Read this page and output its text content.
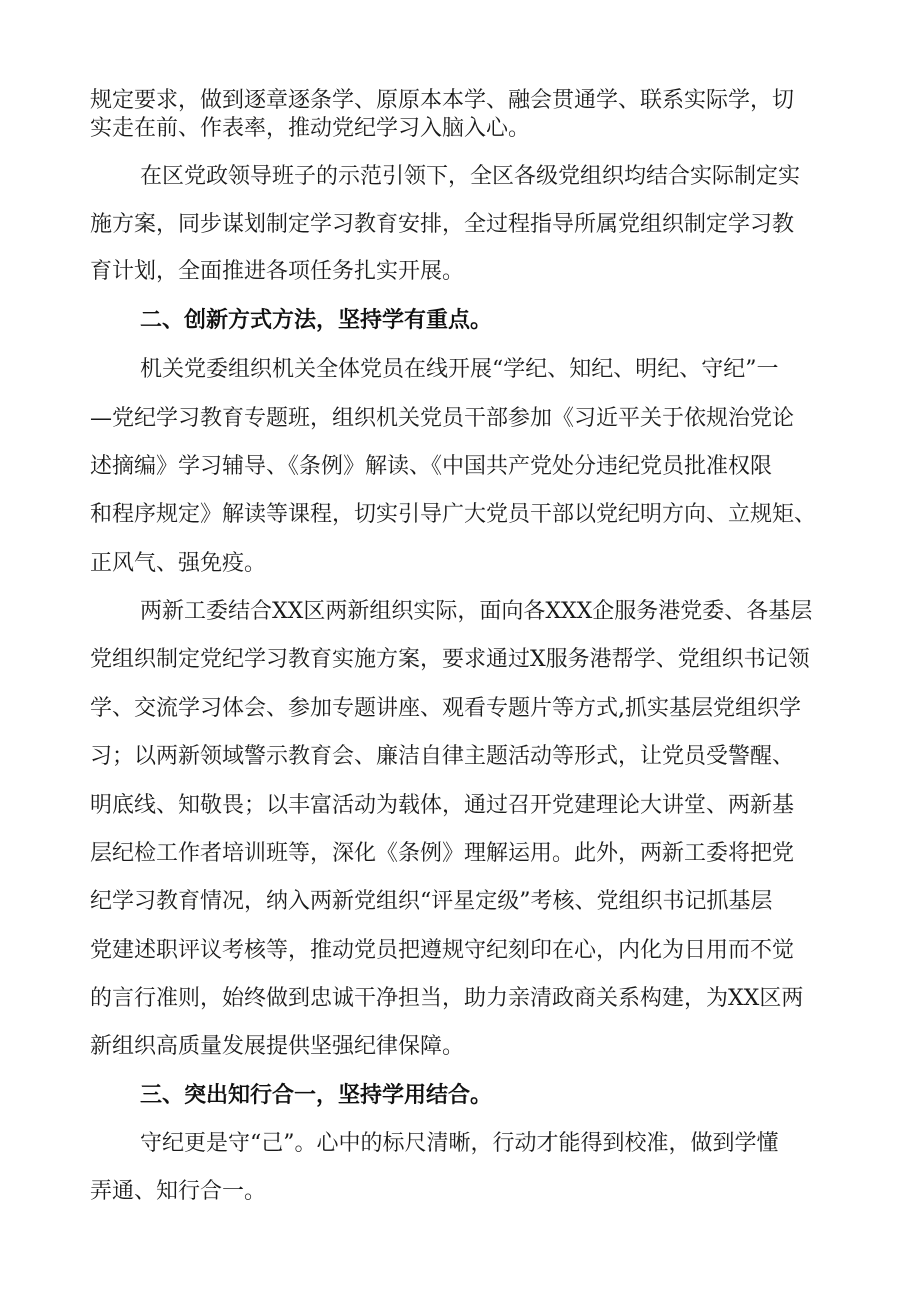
规定要求，做到逐章逐条学、原原本本学、融会贯通学、联系实际学，切
实走在前、作表率，推动党纪学习入脑入心。
在区党政领导班子的示范引领下，全区各级党组织均结合实际制定实
施方案，同步谋划制定学习教育安排，全过程指导所属党组织制定学习教
育计划，全面推进各项任务扎实开展。
二、创新方式方法，坚持学有重点。
机关党委组织机关全体党员在线开展“学纪、知纪、明纪、守纪”一
—党纪学习教育专题班，组织机关党员干部参加《习近平关于依规治党论
述摘编》学习辅导、《条例》解读、《中国共产党处分违纪党员批准权限
和程序规定》解读等课程，切实引导广大党员干部以党纪明方向、立规矩、
正风气、强免疫。
两新工委结合XX区两新组织实际，面向各XXX企服务港党委、各基层
党组织制定党纪学习教育实施方案，要求通过X服务港帮学、党组织书记领
学、交流学习体会、参加专题讲座、观看专题片等方式,抓实基层党组织学
习；以两新领域警示教育会、廉洁自律主题活动等形式，让党员受警醒、
明底线、知敬畏；以丰富活动为载体，通过召开党建理论大讲堂、两新基
层纪检工作者培训班等，深化《条例》理解运用。此外，两新工委将把党
纪学习教育情况，纳入两新党组织“评星定级”考核、党组织书记抓基层
党建述职评议考核等，推动党员把遵规守纪刻印在心，内化为日用而不觉
的言行准则，始终做到忠诚干净担当，助力亲清政商关系构建，为XX区两
新组织高质量发展提供坚强纪律保障。
三、突出知行合一，坚持学用结合。
守纪更是守“己”。心中的标尺清晰，行动才能得到校准，做到学懂
弄通、知行合一。
